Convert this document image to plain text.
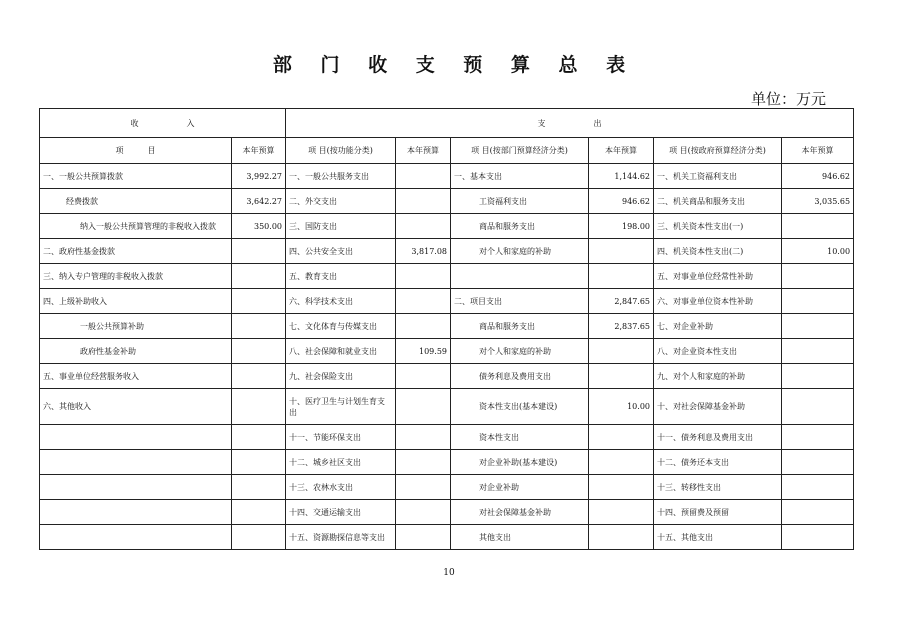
部 门 收 支 预 算 总 表
单位：万元
收　　　　　　入		支　　　　　　出					
项　　　目	本年预算	项 目(按功能分类)	本年预算	项 目(按部门预算经济分类)	本年预算	项 目(按政府预算经济分类)	本年预算
一、一般公共预算拨款	3,992.27	一、一般公共服务支出		一、基本支出	1,144.62	一、机关工资福利支出	946.62
经费拨款	3,642.27	二、外交支出		工资福利支出	946.62	二、机关商品和服务支出	3,035.65
纳入一般公共预算管理的非税收入拨款	350.00	三、国防支出		商品和服务支出	198.00	三、机关资本性支出(一)	
二、政府性基金拨款		四、公共安全支出	3,817.08	对个人和家庭的补助		四、机关资本性支出(二)	10.00
三、纳入专户管理的非税收入拨款		五、教育支出				五、对事业单位经常性补助	
四、上级补助收入		六、科学技术支出		二、项目支出	2,847.65	六、对事业单位资本性补助	
一般公共预算补助		七、文化体育与传媒支出		商品和服务支出	2,837.65	七、对企业补助	
政府性基金补助		八、社会保障和就业支出	109.59	对个人和家庭的补助		八、对企业资本性支出	
五、事业单位经营服务收入		九、社会保险支出		债务利息及费用支出		九、对个人和家庭的补助	
六、其他收入		十、医疗卫生与计划生育支出		资本性支出(基本建设)	10.00	十、对社会保障基金补助	
		十一、节能环保支出		资本性支出		十一、债务利息及费用支出	
		十二、城乡社区支出		对企业补助(基本建设)		十二、债务还本支出	
		十三、农林水支出		对企业补助		十三、转移性支出	
		十四、交通运输支出		对社会保障基金补助		十四、预留费及预留	
		十五、资源勘探信息等支出		其他支出		十五、其他支出	
10
